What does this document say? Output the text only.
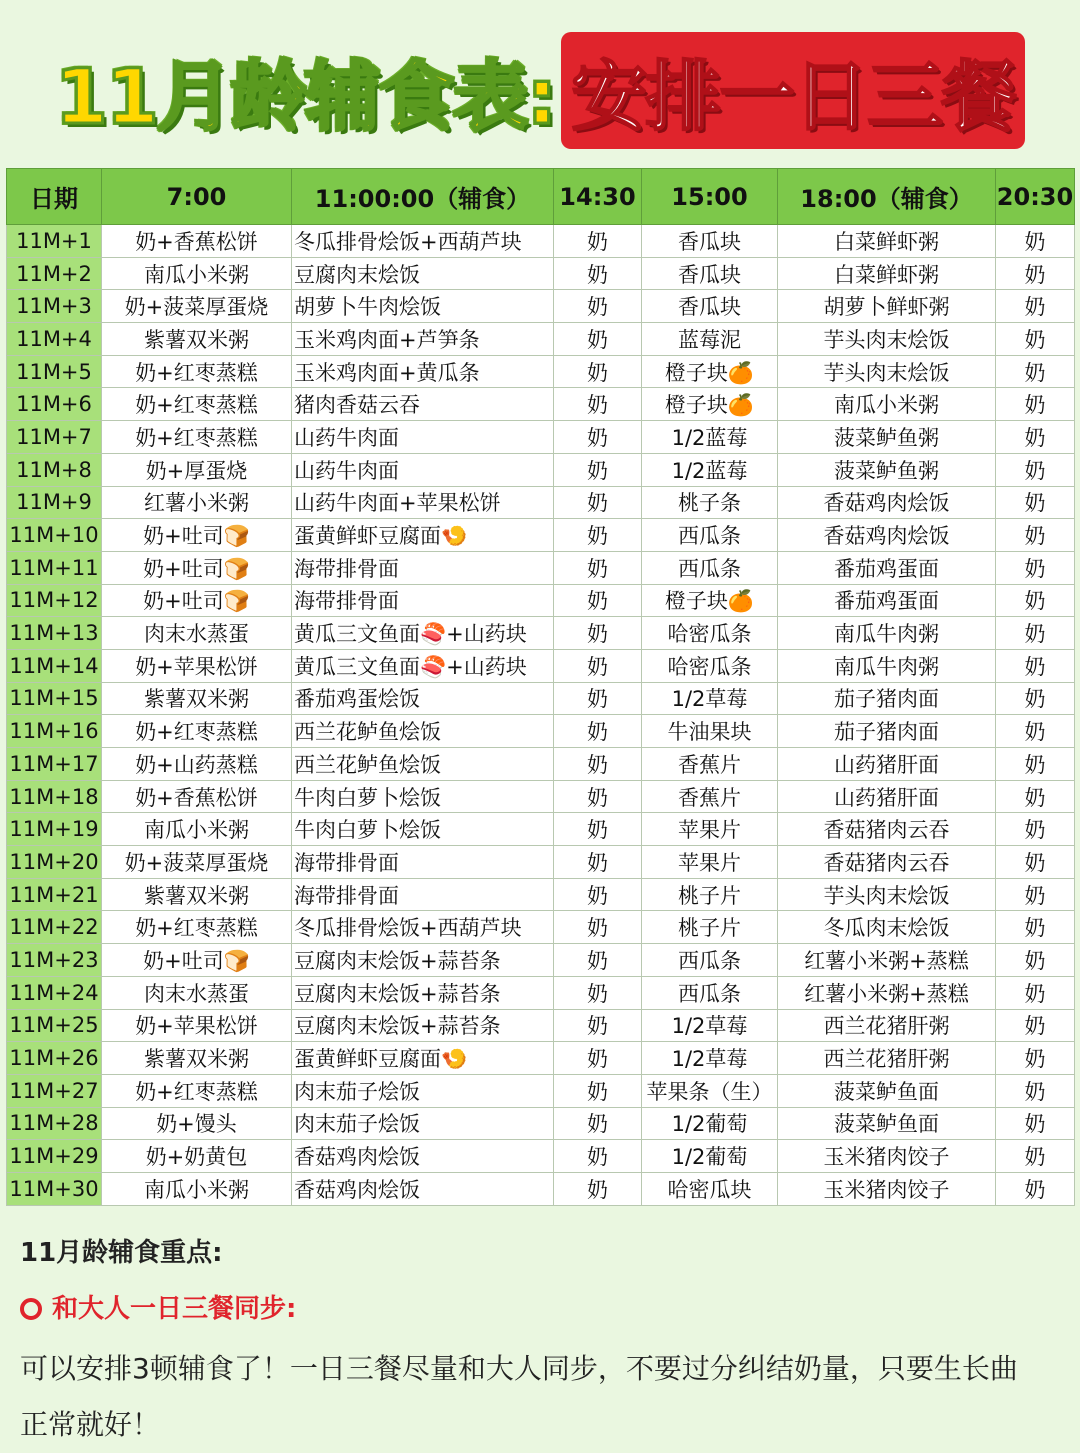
11月龄辅食表: 安排一日三餐
日期	7:00	11:00:00（辅食）	14:30	15:00	18:00（辅食）	20:30
11M+1	奶+香蕉松饼	冬瓜排骨烩饭+西葫芦块	奶	香瓜块	白菜鲜虾粥	奶
11M+2	南瓜小米粥	豆腐肉末烩饭	奶	香瓜块	白菜鲜虾粥	奶
11M+3	奶+菠菜厚蛋烧	胡萝卜牛肉烩饭	奶	香瓜块	胡萝卜鲜虾粥	奶
11M+4	紫薯双米粥	玉米鸡肉面+芦笋条	奶	蓝莓泥	芋头肉末烩饭	奶
11M+5	奶+红枣蒸糕	玉米鸡肉面+黄瓜条	奶	橙子块🍊	芋头肉末烩饭	奶
11M+6	奶+红枣蒸糕	猪肉香菇云吞	奶	橙子块🍊	南瓜小米粥	奶
11M+7	奶+红枣蒸糕	山药牛肉面	奶	1/2蓝莓	菠菜鲈鱼粥	奶
11M+8	奶+厚蛋烧	山药牛肉面	奶	1/2蓝莓	菠菜鲈鱼粥	奶
11M+9	红薯小米粥	山药牛肉面+苹果松饼	奶	桃子条	香菇鸡肉烩饭	奶
11M+10	奶+吐司🍞	蛋黄鲜虾豆腐面🍤	奶	西瓜条	香菇鸡肉烩饭	奶
11M+11	奶+吐司🍞	海带排骨面	奶	西瓜条	番茄鸡蛋面	奶
11M+12	奶+吐司🍞	海带排骨面	奶	橙子块🍊	番茄鸡蛋面	奶
11M+13	肉末水蒸蛋	黄瓜三文鱼面🍣+山药块	奶	哈密瓜条	南瓜牛肉粥	奶
11M+14	奶+苹果松饼	黄瓜三文鱼面🍣+山药块	奶	哈密瓜条	南瓜牛肉粥	奶
11M+15	紫薯双米粥	番茄鸡蛋烩饭	奶	1/2草莓	茄子猪肉面	奶
11M+16	奶+红枣蒸糕	西兰花鲈鱼烩饭	奶	牛油果块	茄子猪肉面	奶
11M+17	奶+山药蒸糕	西兰花鲈鱼烩饭	奶	香蕉片	山药猪肝面	奶
11M+18	奶+香蕉松饼	牛肉白萝卜烩饭	奶	香蕉片	山药猪肝面	奶
11M+19	南瓜小米粥	牛肉白萝卜烩饭	奶	苹果片	香菇猪肉云吞	奶
11M+20	奶+菠菜厚蛋烧	海带排骨面	奶	苹果片	香菇猪肉云吞	奶
11M+21	紫薯双米粥	海带排骨面	奶	桃子片	芋头肉末烩饭	奶
11M+22	奶+红枣蒸糕	冬瓜排骨烩饭+西葫芦块	奶	桃子片	冬瓜肉末烩饭	奶
11M+23	奶+吐司🍞	豆腐肉末烩饭+蒜苔条	奶	西瓜条	红薯小米粥+蒸糕	奶
11M+24	肉末水蒸蛋	豆腐肉末烩饭+蒜苔条	奶	西瓜条	红薯小米粥+蒸糕	奶
11M+25	奶+苹果松饼	豆腐肉末烩饭+蒜苔条	奶	1/2草莓	西兰花猪肝粥	奶
11M+26	紫薯双米粥	蛋黄鲜虾豆腐面🍤	奶	1/2草莓	西兰花猪肝粥	奶
11M+27	奶+红枣蒸糕	肉末茄子烩饭	奶	苹果条（生）	菠菜鲈鱼面	奶
11M+28	奶+馒头	肉末茄子烩饭	奶	1/2葡萄	菠菜鲈鱼面	奶
11M+29	奶+奶黄包	香菇鸡肉烩饭	奶	1/2葡萄	玉米猪肉饺子	奶
11M+30	南瓜小米粥	香菇鸡肉烩饭	奶	哈密瓜块	玉米猪肉饺子	奶
11月龄辅食重点:
和大人一日三餐同步:
可以安排3顿辅食了！一日三餐尽量和大人同步，不要过分纠结奶量，只要生长曲
正常就好！
